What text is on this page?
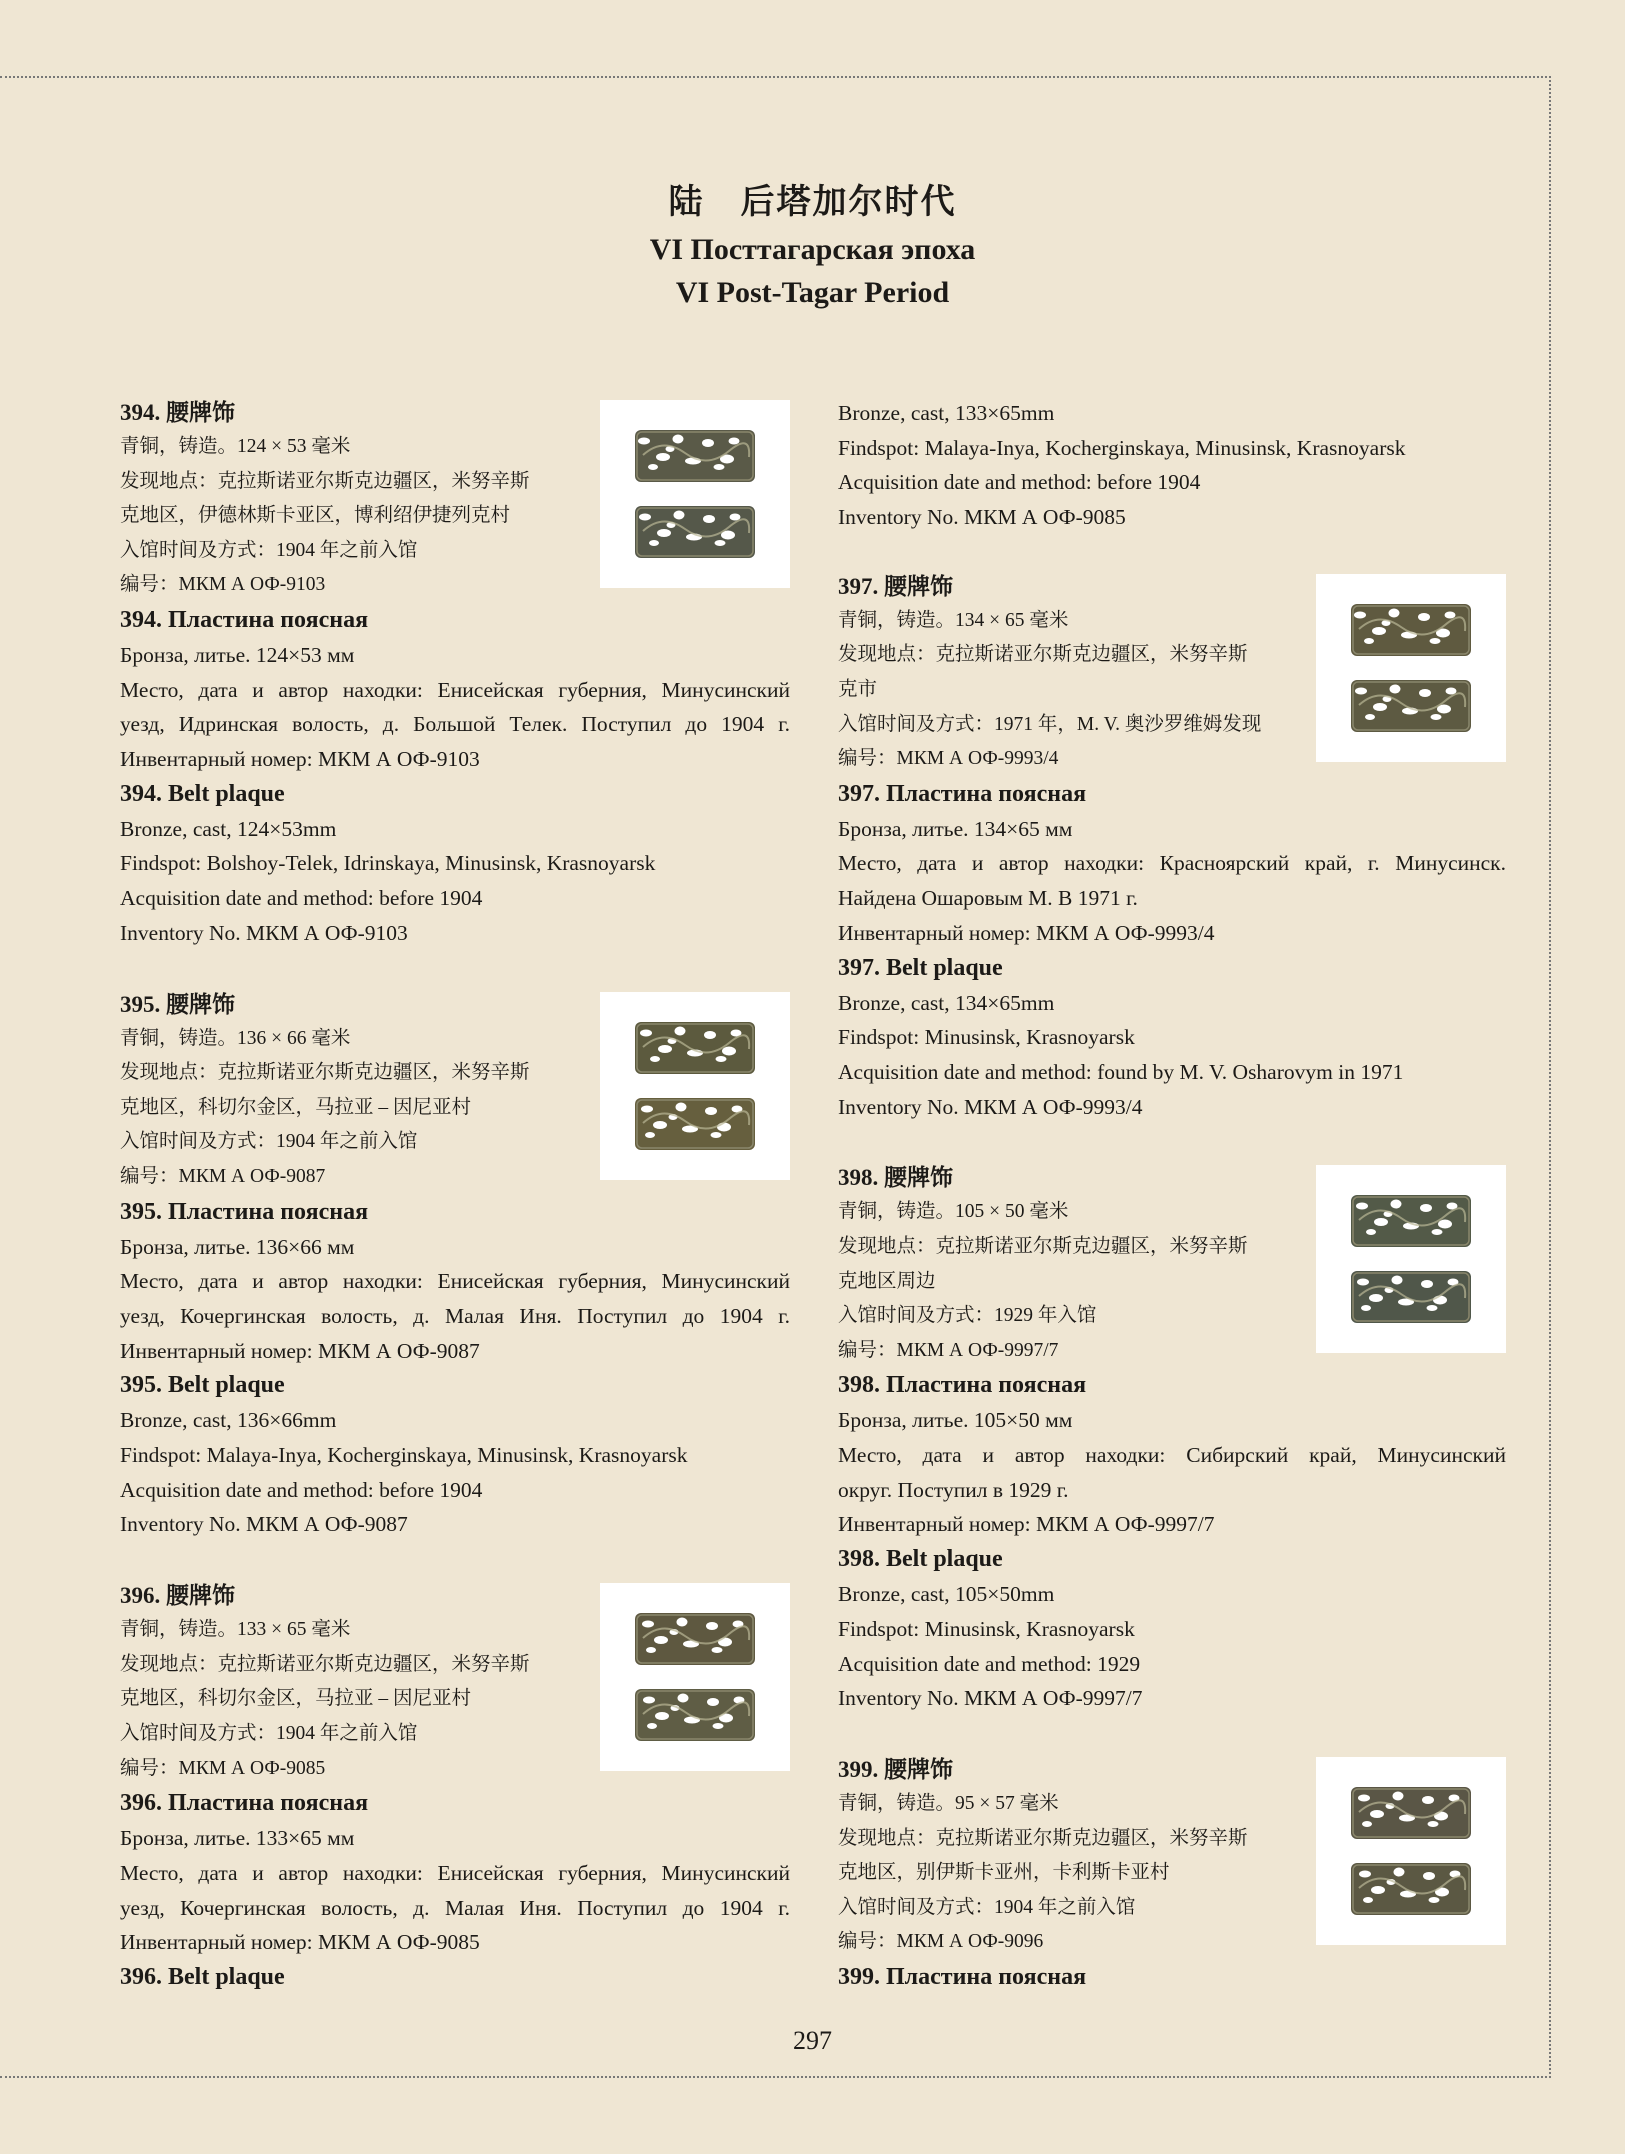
陆　后塔加尔时代
VI Посттагарская эпоха
VI Post-Tagar Period
394. 腰牌饰
青铜，铸造。124 × 53 毫米
发现地点：克拉斯诺亚尔斯克边疆区，米努辛斯
克地区，伊德林斯卡亚区，博利绍伊捷列克村
入馆时间及方式：1904 年之前入馆
编号：МКМ А ОФ-9103
394. Пластина поясная
Бронза, литье. 124×53 мм
Место, дата и автор находки: Енисейская губерния, Минусинский
уезд, Идринская волость, д. Большой Телек. Поступил до 1904 г.
Инвентарный номер: МКМ А ОФ-9103
394. Belt plaque
Bronze, cast, 124×53mm
Findspot: Bolshoy-Telek, Idrinskaya, Minusinsk, Krasnoyarsk
Acquisition date and method: before 1904
Inventory No. МКМ А ОФ-9103
395. 腰牌饰
青铜，铸造。136 × 66 毫米
发现地点：克拉斯诺亚尔斯克边疆区，米努辛斯
克地区，科切尔金区，马拉亚 – 因尼亚村
入馆时间及方式：1904 年之前入馆
编号：МКМ А ОФ-9087
395. Пластина поясная
Бронза, литье. 136×66 мм
Место, дата и автор находки: Енисейская губерния, Минусинский
уезд, Кочергинская волость, д. Малая Иня. Поступил до 1904 г.
Инвентарный номер: МКМ А ОФ-9087
395. Belt plaque
Bronze, cast, 136×66mm
Findspot: Malaya-Inya, Kocherginskaya, Minusinsk, Krasnoyarsk
Acquisition date and method: before 1904
Inventory No. МКМ А ОФ-9087
396. 腰牌饰
青铜，铸造。133 × 65 毫米
发现地点：克拉斯诺亚尔斯克边疆区，米努辛斯
克地区，科切尔金区，马拉亚 – 因尼亚村
入馆时间及方式：1904 年之前入馆
编号：МКМ А ОФ-9085
396. Пластина поясная
Бронза, литье. 133×65 мм
Место, дата и автор находки: Енисейская губерния, Минусинский
уезд, Кочергинская волость, д. Малая Иня. Поступил до 1904 г.
Инвентарный номер: МКМ А ОФ-9085
396. Belt plaque
Bronze, cast, 133×65mm
Findspot: Malaya-Inya, Kocherginskaya, Minusinsk, Krasnoyarsk
Acquisition date and method: before 1904
Inventory No. МКМ А ОФ-9085
397. 腰牌饰
青铜，铸造。134 × 65 毫米
发现地点：克拉斯诺亚尔斯克边疆区，米努辛斯
克市
入馆时间及方式：1971 年，M. V. 奥沙罗维姆发现
编号：МКМ А ОФ-9993/4
397. Пластина поясная
Бронза, литье. 134×65 мм
Место, дата и автор находки: Красноярский край, г. Минусинск.
Найдена Ошаровым М. В 1971 г.
Инвентарный номер: МКМ А ОФ-9993/4
397. Belt plaque
Bronze, cast, 134×65mm
Findspot: Minusinsk, Krasnoyarsk
Acquisition date and method: found by M. V. Osharovym in 1971
Inventory No. МКМ А ОФ-9993/4
398. 腰牌饰
青铜，铸造。105 × 50 毫米
发现地点：克拉斯诺亚尔斯克边疆区，米努辛斯
克地区周边
入馆时间及方式：1929 年入馆
编号：МКМ А ОФ-9997/7
398. Пластина поясная
Бронза, литье. 105×50 мм
Место, дата и автор находки: Сибирский край, Минусинский
округ. Поступил в 1929 г.
Инвентарный номер: МКМ А ОФ-9997/7
398. Belt plaque
Bronze, cast, 105×50mm
Findspot: Minusinsk, Krasnoyarsk
Acquisition date and method: 1929
Inventory No. МКМ А ОФ-9997/7
399. 腰牌饰
青铜，铸造。95 × 57 毫米
发现地点：克拉斯诺亚尔斯克边疆区，米努辛斯
克地区，别伊斯卡亚州，卡利斯卡亚村
入馆时间及方式：1904 年之前入馆
编号：МКМ А ОФ-9096
399. Пластина поясная
297
